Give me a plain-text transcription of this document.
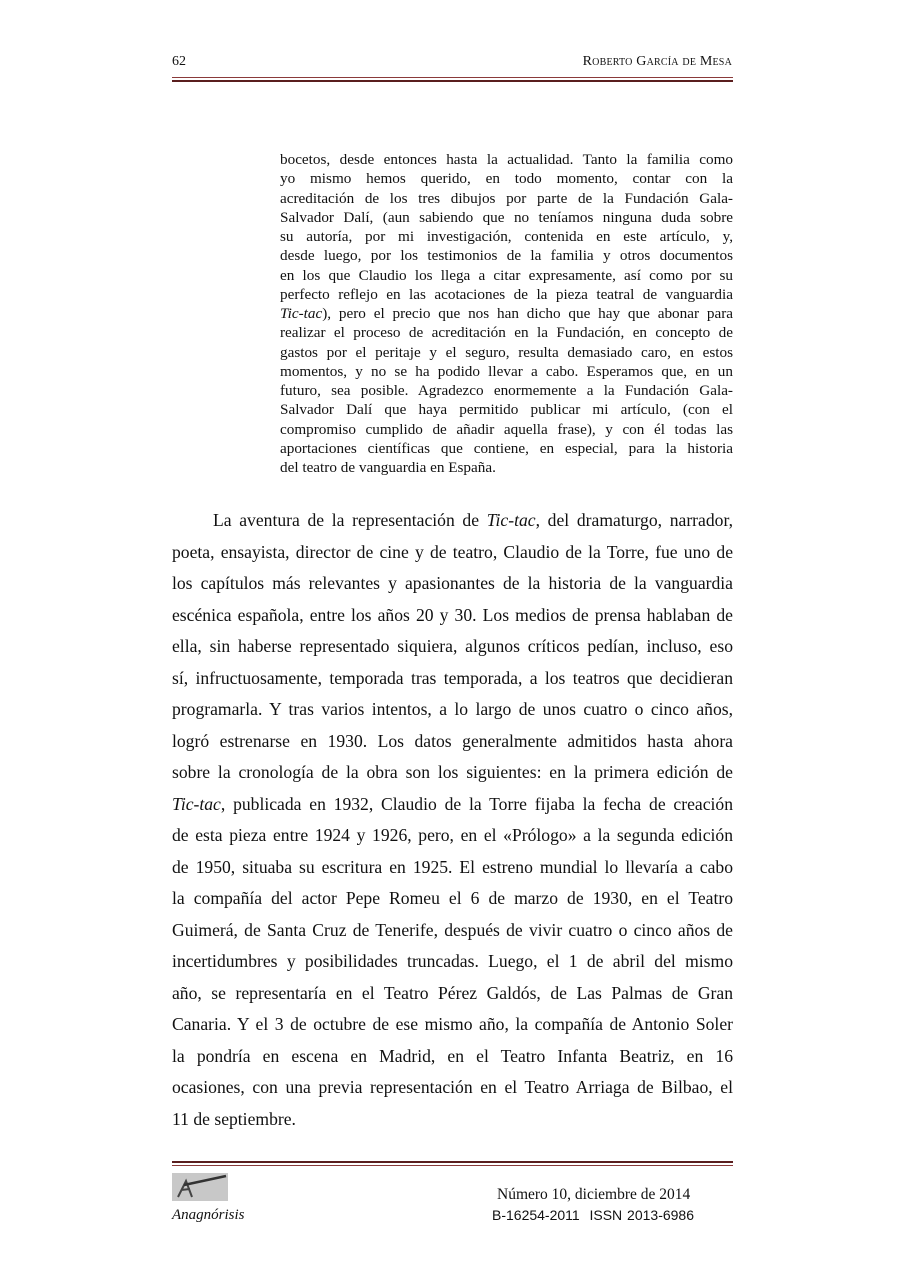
62	Roberto García de Mesa
bocetos, desde entonces hasta la actualidad. Tanto la familia como
yo mismo hemos querido, en todo momento, contar con la
acreditación de los tres dibujos por parte de la Fundación Gala-
Salvador Dalí, (aun sabiendo que no teníamos ninguna duda sobre
su autoría, por mi investigación, contenida en este artículo, y,
desde luego, por los testimonios de la familia y otros documentos
en los que Claudio los llega a citar expresamente, así como por su
perfecto reflejo en las acotaciones de la pieza teatral de vanguardia
Tic-tac), pero el precio que nos han dicho que hay que abonar para
realizar el proceso de acreditación en la Fundación, en concepto de
gastos por el peritaje y el seguro, resulta demasiado caro, en estos
momentos, y no se ha podido llevar a cabo. Esperamos que, en un
futuro, sea posible. Agradezco enormemente a la Fundación Gala-
Salvador Dalí que haya permitido publicar mi artículo, (con el
compromiso cumplido de añadir aquella frase), y con él todas las
aportaciones científicas que contiene, en especial, para la historia
del teatro de vanguardia en España.
La aventura de la representación de Tic-tac, del dramaturgo, narrador,
poeta, ensayista, director de cine y de teatro, Claudio de la Torre, fue uno de
los capítulos más relevantes y apasionantes de la historia de la vanguardia
escénica española, entre los años 20 y 30. Los medios de prensa hablaban de
ella, sin haberse representado siquiera, algunos críticos pedían, incluso, eso
sí, infructuosamente, temporada tras temporada, a los teatros que decidieran
programarla. Y tras varios intentos, a lo largo de unos cuatro o cinco años,
logró estrenarse en 1930. Los datos generalmente admitidos hasta ahora
sobre la cronología de la obra son los siguientes: en la primera edición de
Tic-tac, publicada en 1932, Claudio de la Torre fijaba la fecha de creación
de esta pieza entre 1924 y 1926, pero, en el «Prólogo» a la segunda edición
de 1950, situaba su escritura en 1925. El estreno mundial lo llevaría a cabo
la compañía del actor Pepe Romeu el 6 de marzo de 1930, en el Teatro
Guimerá, de Santa Cruz de Tenerife, después de vivir cuatro o cinco años de
incertidumbres y posibilidades truncadas. Luego, el 1 de abril del mismo
año, se representaría en el Teatro Pérez Galdós, de Las Palmas de Gran
Canaria. Y el 3 de octubre de ese mismo año, la compañía de Antonio Soler
la pondría en escena en Madrid, en el Teatro Infanta Beatriz, en 16
ocasiones, con una previa representación en el Teatro Arriaga de Bilbao, el
11 de septiembre.
Anagnórisis
Número 10, diciembre de 2014
B-16254-2011  ISSN 2013-6986
